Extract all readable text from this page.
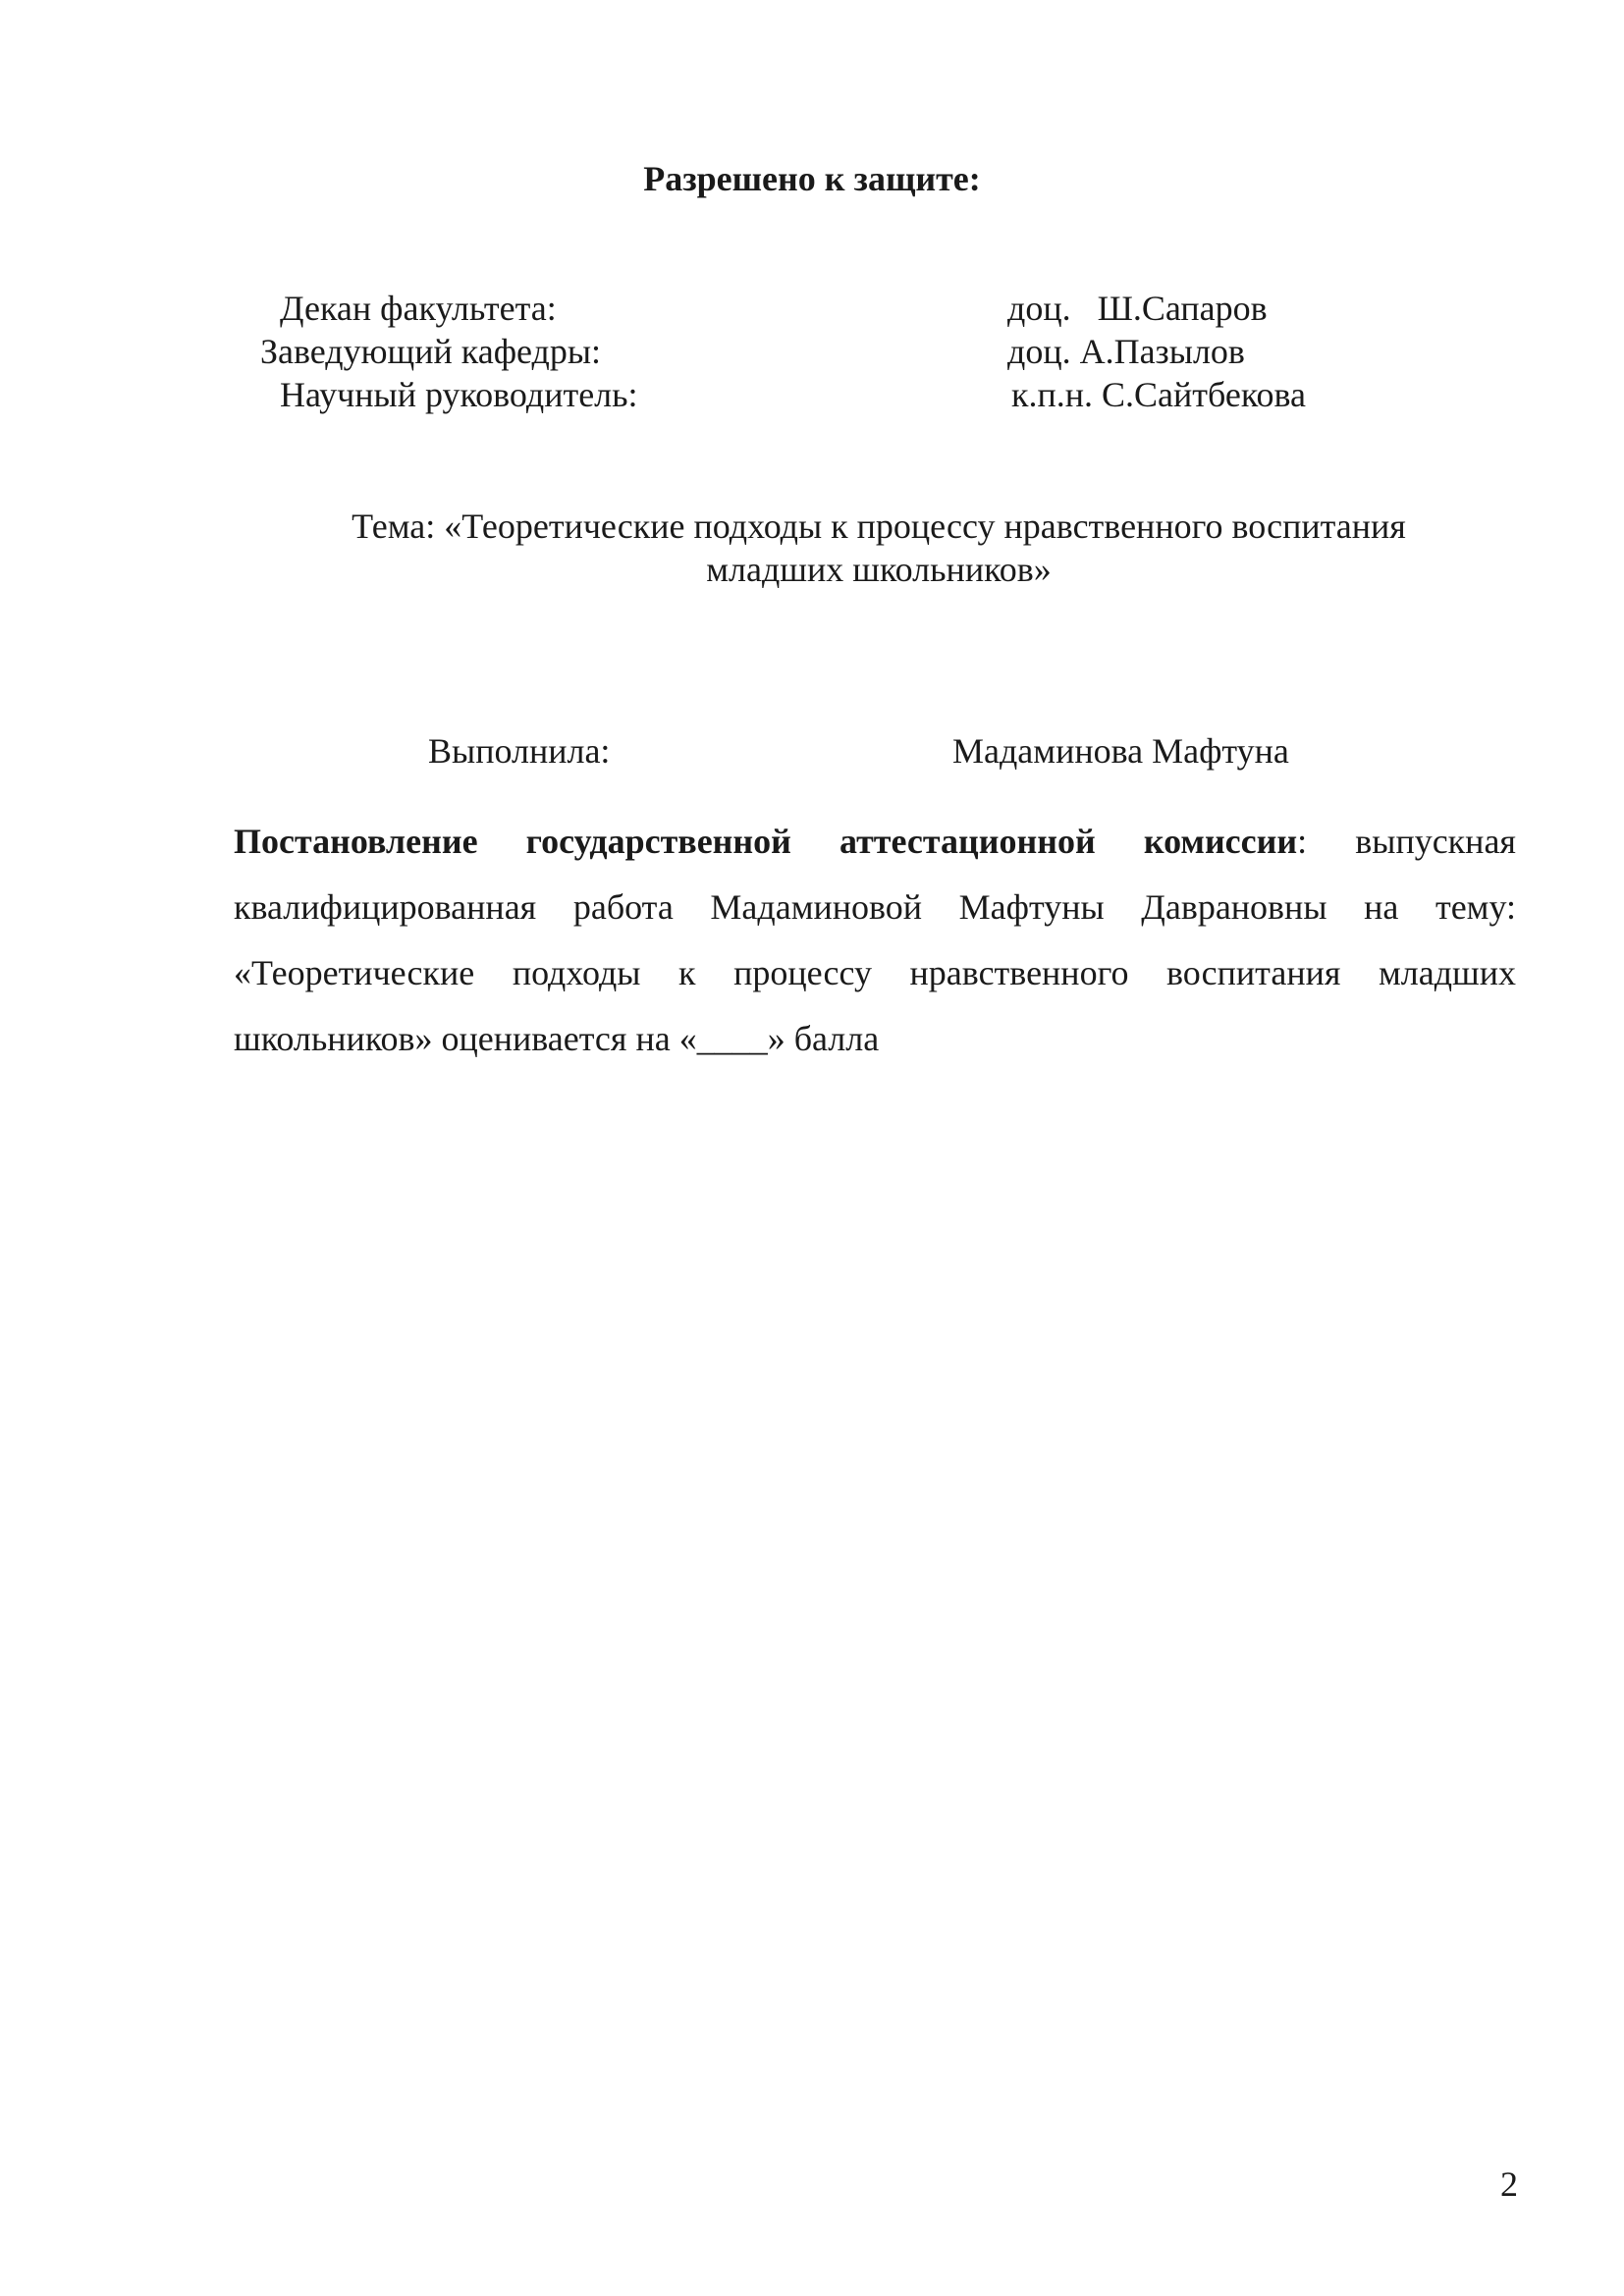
Разрешено к защите:
Декан факультета:	доц.   Ш.Сапаров
Заведующий кафедры:	доц. А.Пазылов
Научный руководитель:	к.п.н. С.Сайтбекова
Тема: «Теоретические подходы к процессу нравственного воспитания
младших школьников»
Выполнила:	Мадаминова Мафтуна
Постановление государственной аттестационной комиссии: выпускная квалифицированная работа Мадаминовой Мафтуны Даврановны на тему: «Теоретические подходы к процессу нравственного воспитания младших школьников» оценивается на «____» балла
2
